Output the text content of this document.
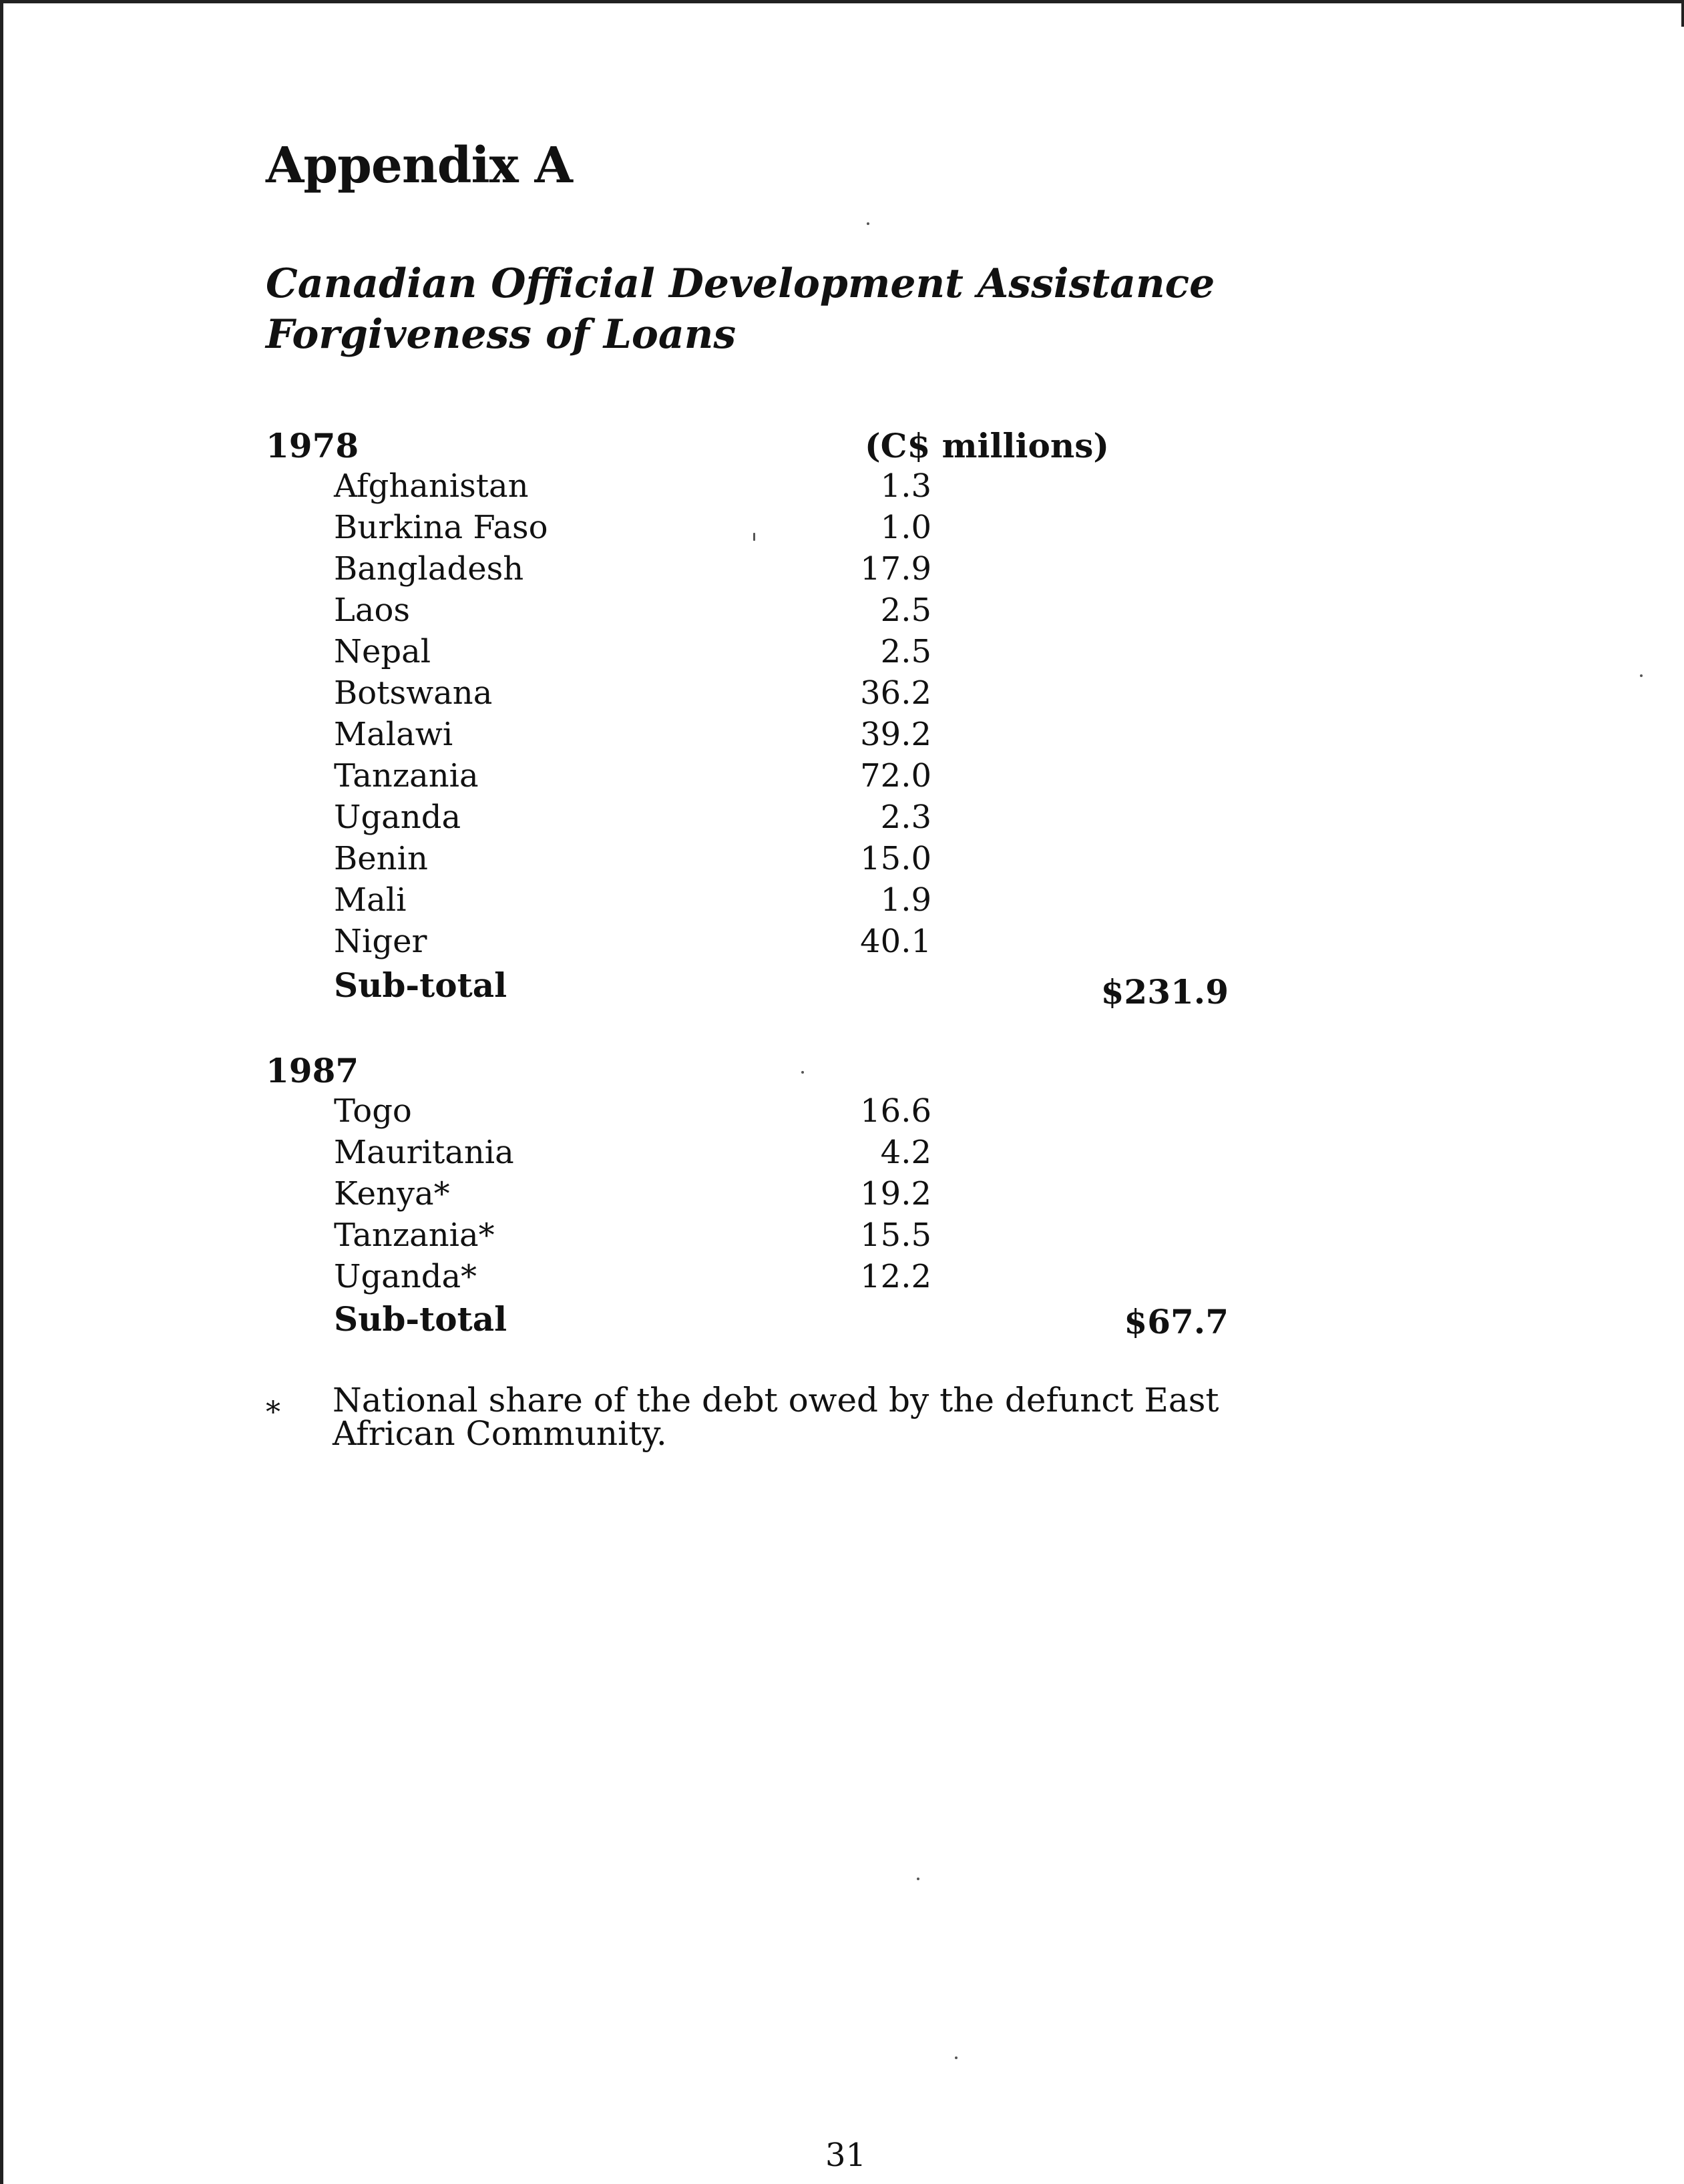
Appendix A
Canadian Official Development Assistance
Forgiveness of Loans
(C$ millions)
1978
Afghanistan	1.3
Burkina Faso	1.0
Bangladesh	17.9
Laos	2.5
Nepal	2.5
Botswana	36.2
Malawi	39.2
Tanzania	72.0
Uganda	2.3
Benin	15.0
Mali	1.9
Niger	40.1
Sub-total	$231.9
1987
Togo	16.6
Mauritania	4.2
Kenya*	19.2
Tanzania*	15.5
Uganda*	12.2
Sub-total	$67.7
* National share of the debt owed by the defunct East African Community.
31
